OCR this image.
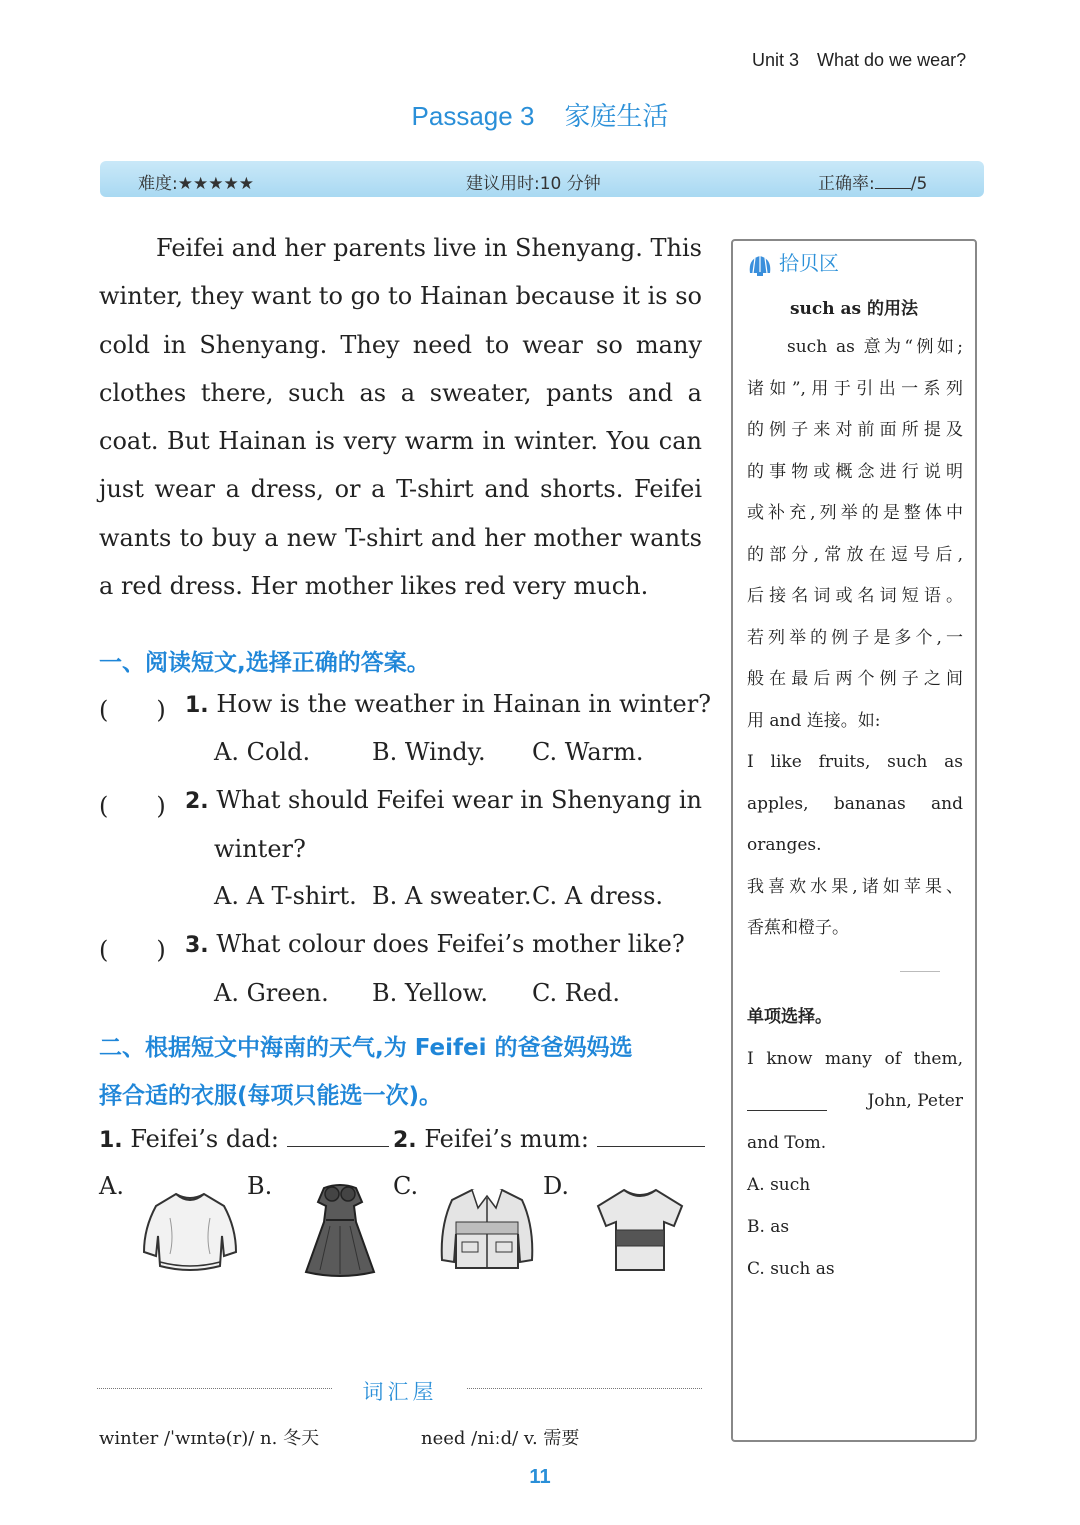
Unit 3 What do we wear?
Passage 3 家庭生活
难度:★★★★★	建议用时:10 分钟	正确率: /5

Feifei and her parents live in Shenyang. This winter, they want to go to Hainan because it is so cold in Shenyang. They need to wear so many clothes there, such as a sweater, pants and a coat. But Hainan is very warm in winter. You can just wear a dress, or a T-shirt and shorts. Feifei wants to buy a new T-shirt and her mother wants a red dress. Her mother likes red very much.

一、阅读短文,选择正确的答案。
(　　) 1. How is the weather in Hainan in winter?
A. Cold.	B. Windy. C. Warm.
(　　) 2. What should Feifei wear in Shenyang in
winter?
A. A T-shirt. B. A sweater. C. A dress.
(　　) 3. What colour does Feifei’s mother like?
A. Green. B. Yellow. C. Red.
二、根据短文中海南的天气,为 Feifei 的爸爸妈妈选
择合适的衣服(每项只能选一次)。
1. Feifei’s dad:	2. Feifei’s mum:
A.	B.	C.	D.
词汇屋
winter /ˈwɪntə(r)/ n. 冬天	need /niːd/ v. 需要
11
拾贝区
such as 的用法

such as 意为“例如;

诸如”,用于引出一系列

的例子来对前面所提及

的事物或概念进行说明

或补充,列举的是整体中

的部分,常放在逗号后,

后接名词或名词短语。

若列举的例子是多个,一

般在最后两个例子之间

用 and 连接。如:

I like fruits, such as

apples, bananas and

oranges.

我喜欢水果,诸如苹果、

香蕉和橙子。

单项选择。

I know many of them,

John, Peter

and Tom.

A. such

B. as

C. such as
